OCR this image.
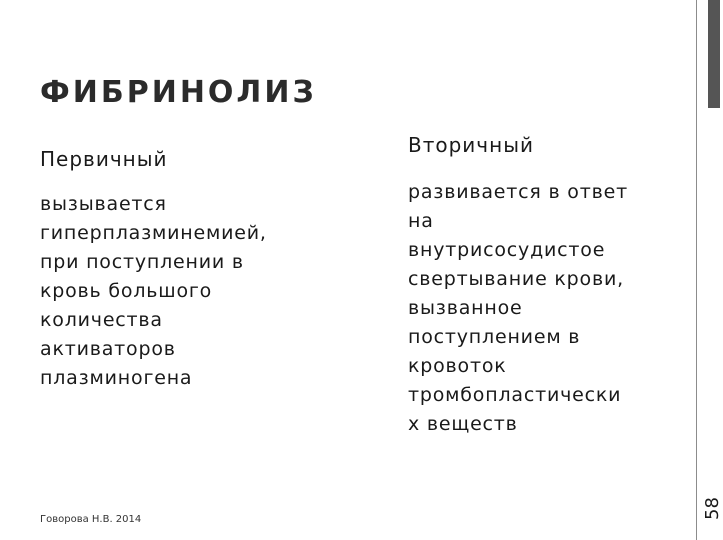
ФИБРИНОЛИЗ
Первичный
вызывается
гиперплазминемией,
при поступлении в
кровь большого
количества
активаторов
плазминогена
Вторичный
развивается в ответ
на
внутрисосудистое
свертывание крови,
вызванное
поступлением в
кровоток
тромбопластически
х веществ
Говорова Н.В. 2014	58
